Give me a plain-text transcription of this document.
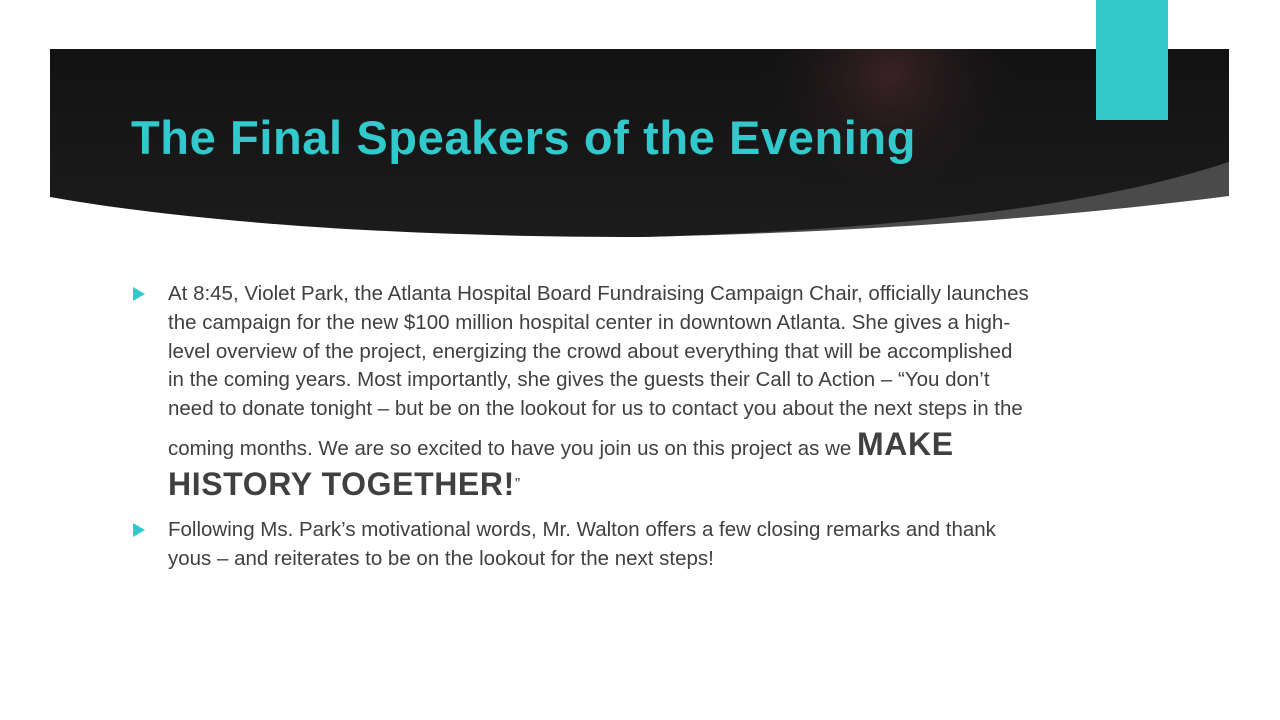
The Final Speakers of the Evening
At 8:45, Violet Park, the Atlanta Hospital Board Fundraising Campaign Chair, officially launches the campaign for the new $100 million hospital center in downtown Atlanta. She gives a high-level overview of the project, energizing the crowd about everything that will be accomplished in the coming years. Most importantly, she gives the guests their Call to Action – “You don’t need to donate tonight – but be on the lookout for us to contact you about the next steps in the coming months. We are so excited to have you join us on this project as we MAKE HISTORY TOGETHER!”
Following Ms. Park’s motivational words, Mr. Walton offers a few closing remarks and thank yous – and reiterates to be on the lookout for the next steps!
